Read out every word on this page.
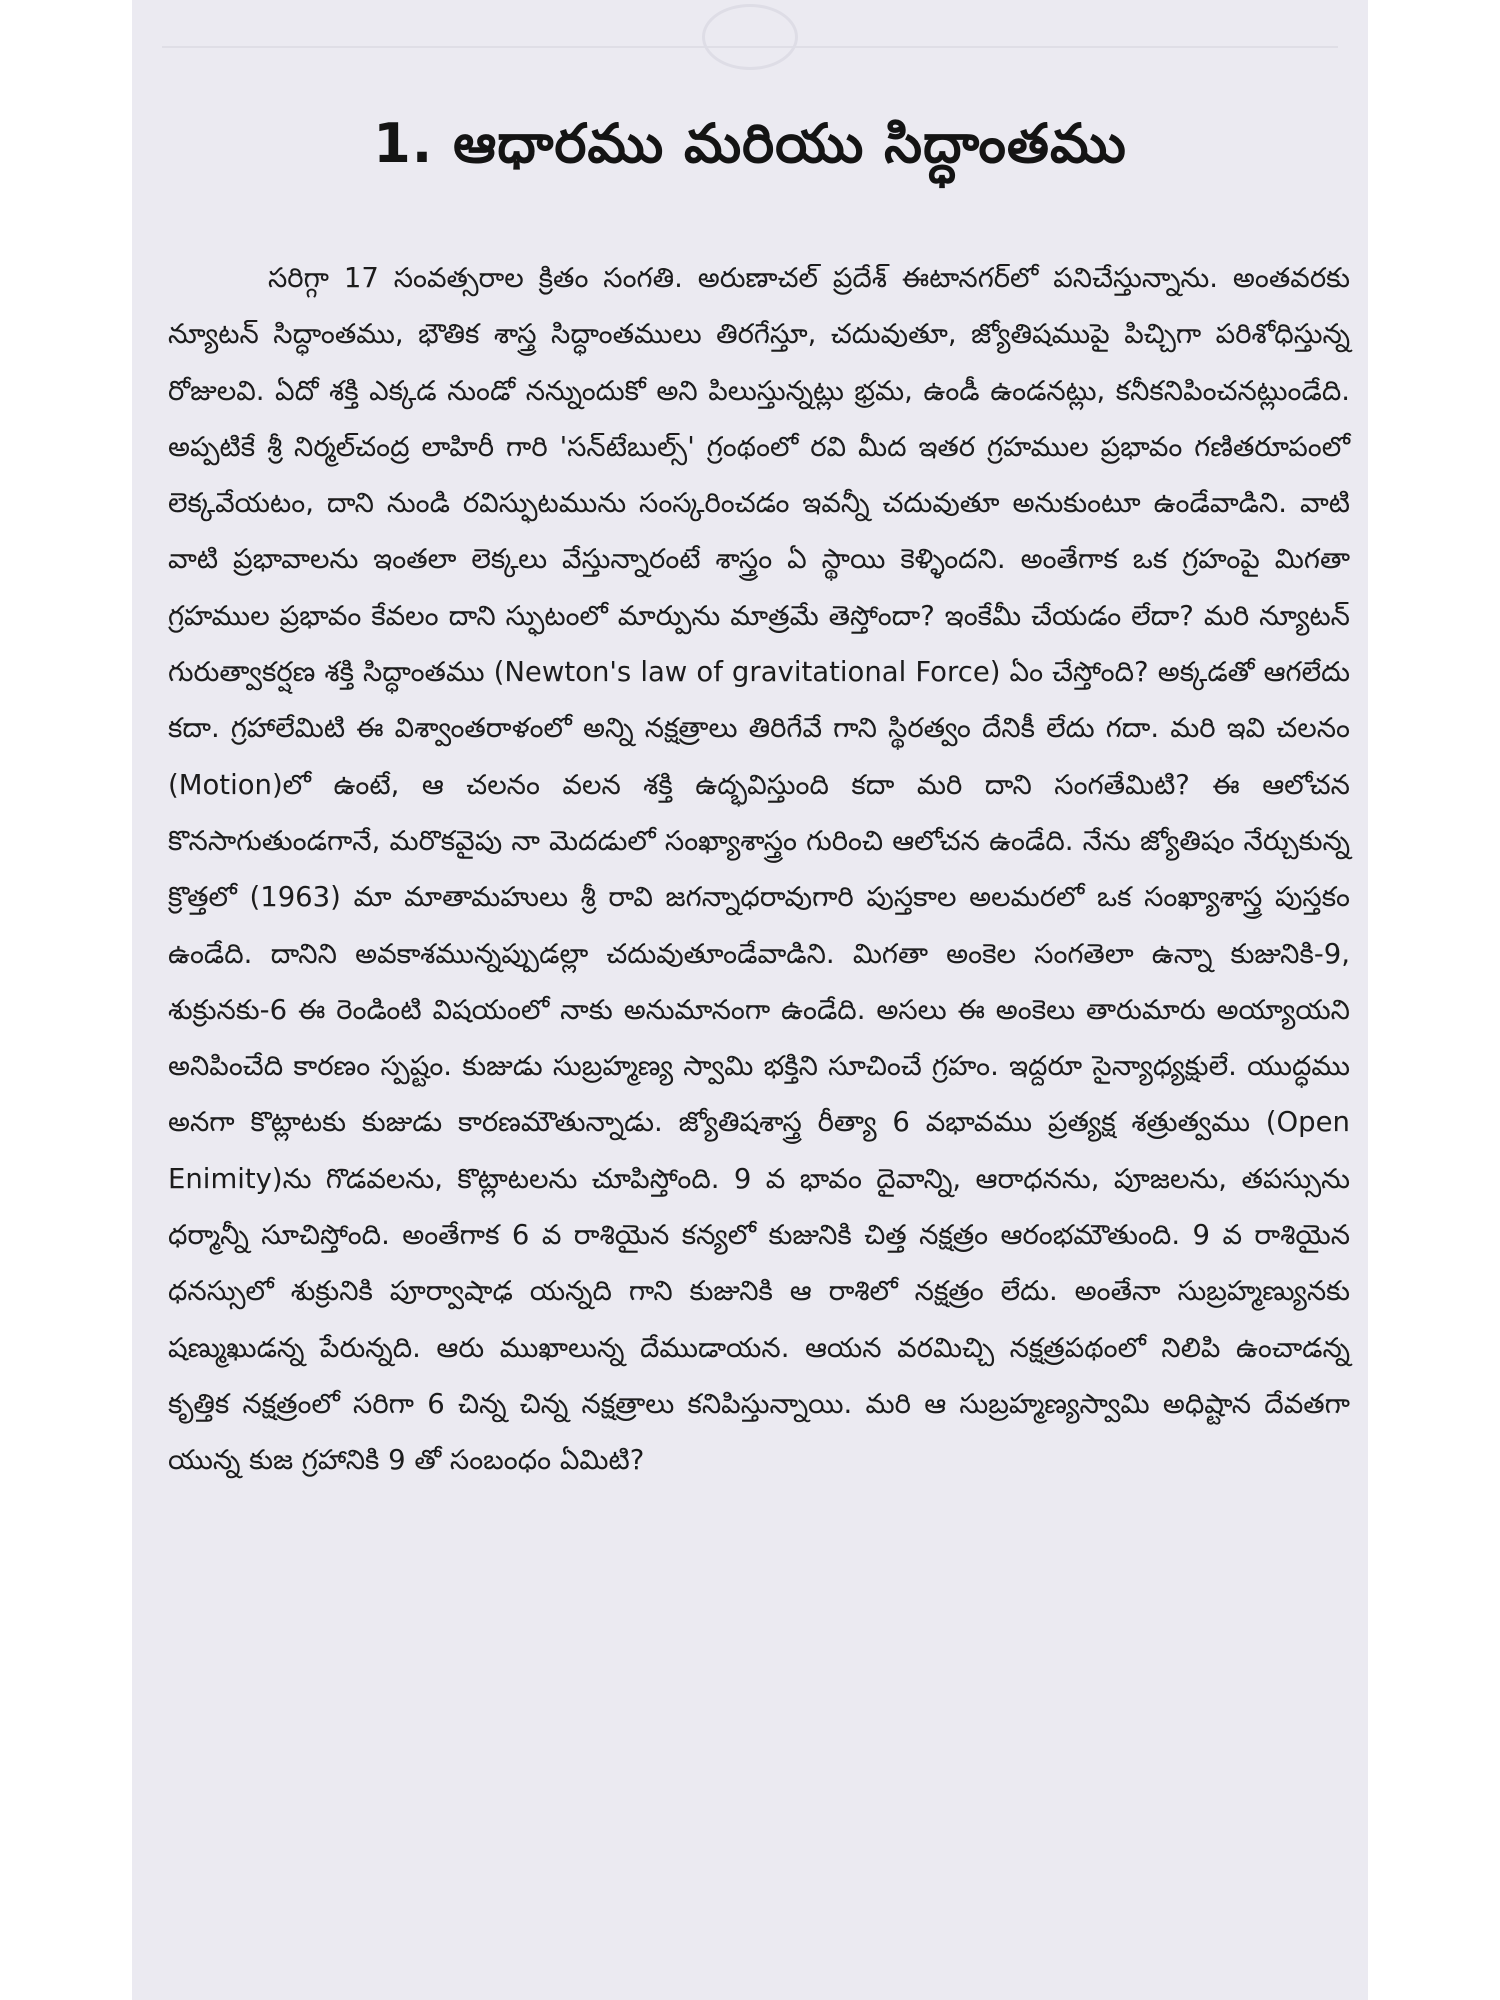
1. ఆధారము మరియు సిద్ధాంతము

సరిగ్గా 17 సంవత్సరాల క్రితం సంగతి. అరుణాచల్ ప్రదేశ్ ఈటానగర్‌లో పనిచేస్తున్నాను. అంతవరకు న్యూటన్ సిద్ధాంతము, భౌతిక శాస్త్ర సిద్ధాంతములు తిరగేస్తూ, చదువుతూ, జ్యోతిషముపై పిచ్చిగా పరిశోధిస్తున్న రోజులవి. ఏదో శక్తి ఎక్కడ నుండో నన్నుందుకో అని పిలుస్తున్నట్లు భ్రమ, ఉండీ ఉండనట్లు, కనీకనిపించనట్లుండేది. అప్పటికే శ్రీ నిర్మల్‌చంద్ర లాహిరీ గారి 'సన్‌టేబుల్స్' గ్రంథంలో రవి మీద ఇతర గ్రహముల ప్రభావం గణితరూపంలో లెక్కవేయటం, దాని నుండి రవిస్ఫుటమును సంస్కరించడం ఇవన్నీ చదువుతూ అనుకుంటూ ఉండేవాడిని. వాటి వాటి ప్రభావాలను ఇంతలా లెక్కలు వేస్తున్నారంటే శాస్త్రం ఏ స్థాయి కెళ్ళిందని. అంతేగాక ఒక గ్రహంపై మిగతా గ్రహముల ప్రభావం కేవలం దాని స్ఫుటంలో మార్పును మాత్రమే తెస్తోందా? ఇంకేమీ చేయడం లేదా? మరి న్యూటన్ గురుత్వాకర్షణ శక్తి సిద్ధాంతము (Newton's law of gravitational Force) ఏం చేస్తోంది? అక్కడతో ఆగలేదు కదా. గ్రహాలేమిటి ఈ విశ్వాంతరాళంలో అన్ని నక్షత్రాలు తిరిగేవే గాని స్థిరత్వం దేనికీ లేదు గదా. మరి ఇవి చలనం (Motion)లో ఉంటే, ఆ చలనం వలన శక్తి ఉద్భవిస్తుంది కదా మరి దాని సంగతేమిటి? ఈ ఆలోచన కొనసాగుతుండగానే, మరొకవైపు నా మెదడులో సంఖ్యాశాస్త్రం గురించి ఆలోచన ఉండేది. నేను జ్యోతిషం నేర్చుకున్న క్రొత్తలో (1963) మా మాతామహులు శ్రీ రావి జగన్నాధరావుగారి పుస్తకాల అలమరలో ఒక సంఖ్యాశాస్త్ర పుస్తకం ఉండేది. దానిని అవకాశమున్నప్పుడల్లా చదువుతూండేవాడిని. మిగతా అంకెల సంగతెలా ఉన్నా కుజునికి-9, శుక్రునకు-6 ఈ రెండింటి విషయంలో నాకు అనుమానంగా ఉండేది. అసలు ఈ అంకెలు తారుమారు అయ్యాయని అనిపించేది కారణం స్పష్టం. కుజుడు సుబ్రహ్మణ్య స్వామి భక్తిని సూచించే గ్రహం. ఇద్దరూ సైన్యాధ్యక్షులే. యుద్ధము అనగా కొట్లాటకు కుజుడు కారణమౌతున్నాడు. జ్యోతిషశాస్త్ర రీత్యా 6 వభావము ప్రత్యక్ష శత్రుత్వము (Open Enimity)ను గొడవలను, కొట్లాటలను చూపిస్తోంది. 9 వ భావం దైవాన్ని, ఆరాధనను, పూజలను, తపస్సును ధర్మాన్నీ సూచిస్తోంది. అంతేగాక 6 వ రాశియైన కన్యలో కుజునికి చిత్త నక్షత్రం ఆరంభమౌతుంది. 9 వ రాశియైన ధనస్సులో శుక్రునికి పూర్వాషాఢ యన్నది గాని కుజునికి ఆ రాశిలో నక్షత్రం లేదు. అంతేనా సుబ్రహ్మణ్యునకు షణ్ముఖుడన్న పేరున్నది. ఆరు ముఖాలున్న దేముడాయన. ఆయన వరమిచ్చి నక్షత్రపథంలో నిలిపి ఉంచాడన్న కృత్తిక నక్షత్రంలో సరిగా 6 చిన్న చిన్న నక్షత్రాలు కనిపిస్తున్నాయి. మరి ఆ సుబ్రహ్మణ్యస్వామి అధిష్టాన దేవతగా యున్న కుజ గ్రహానికి 9 తో సంబంధం ఏమిటి?
